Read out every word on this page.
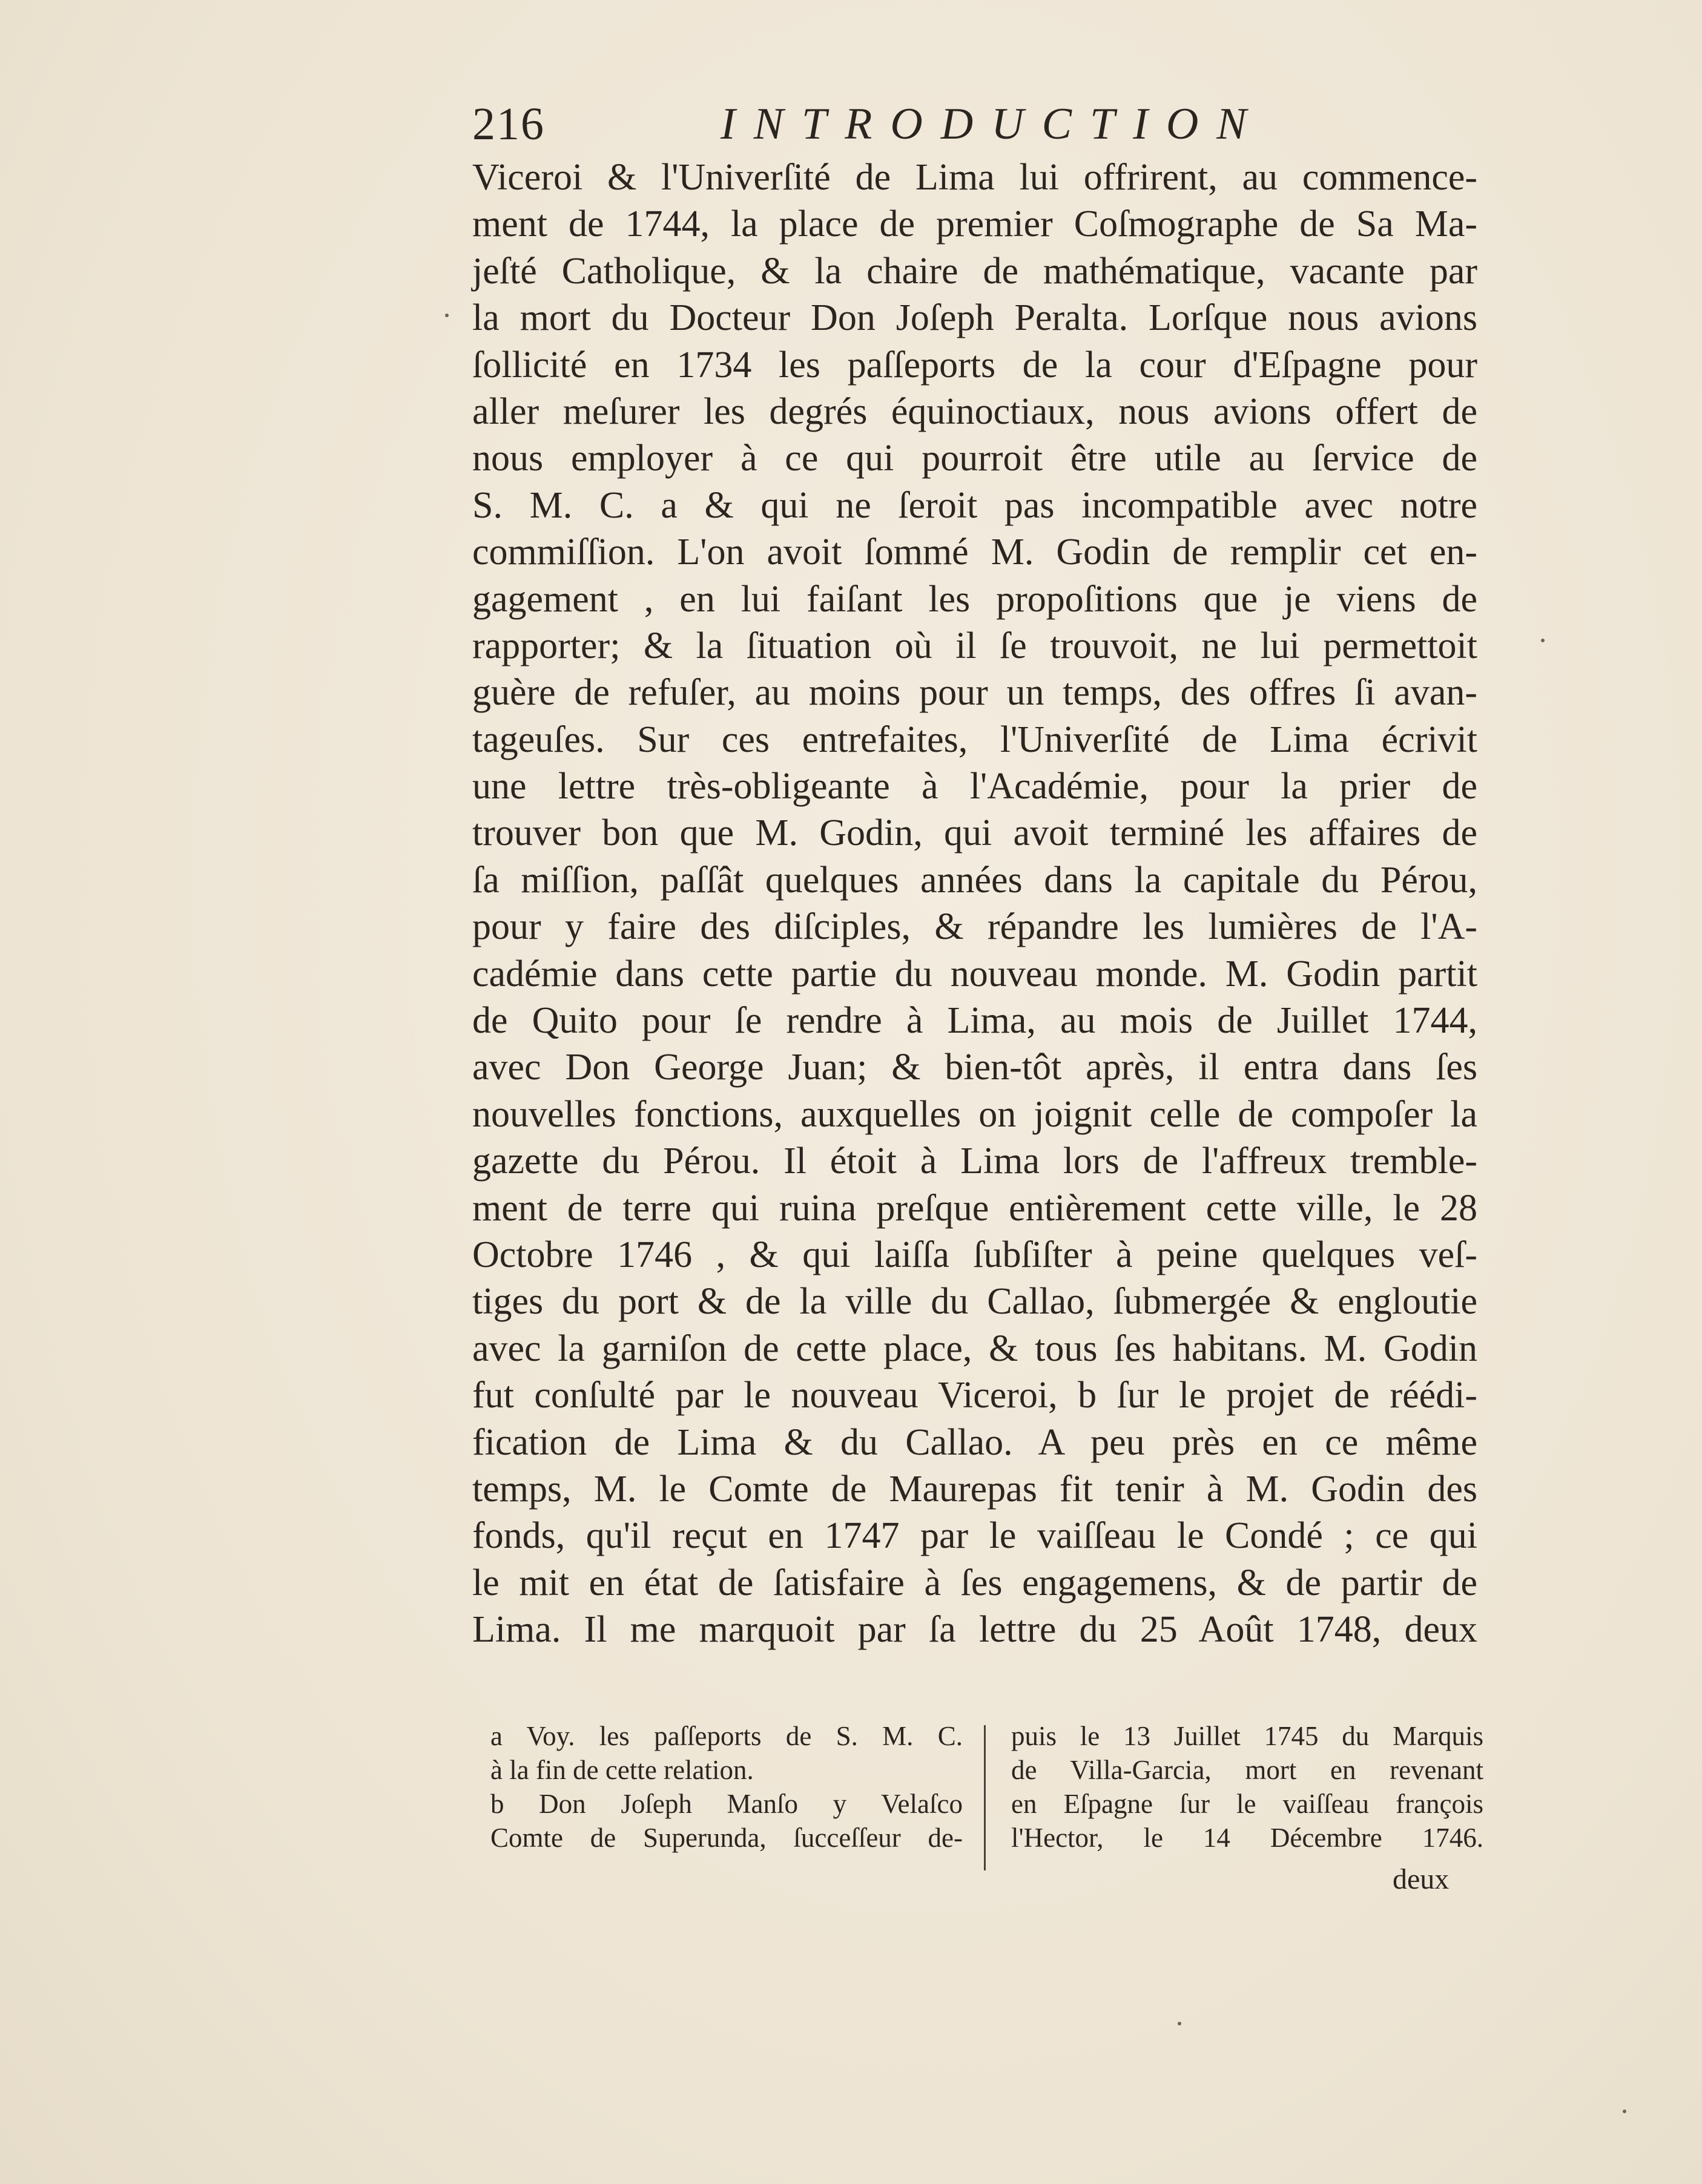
216	INTRODUCTION
Viceroi & l'Univerſité de Lima lui offrirent, au commence-
ment de 1744, la place de premier Coſmographe de Sa Ma-
jeſté Catholique, & la chaire de mathématique, vacante par
la mort du Docteur Don Joſeph Peralta. Lorſque nous avions
ſollicité en 1734 les paſſeports de la cour d'Eſpagne pour
aller meſurer les degrés équinoctiaux, nous avions offert de
nous employer à ce qui pourroit être utile au ſervice de
S. M. C. a & qui ne ſeroit pas incompatible avec notre
commiſſion. L'on avoit ſommé M. Godin de remplir cet en-
gagement , en lui faiſant les propoſitions que je viens de
rapporter; & la ſituation où il ſe trouvoit, ne lui permettoit
guère de refuſer, au moins pour un temps, des offres ſi avan-
tageuſes. Sur ces entrefaites, l'Univerſité de Lima écrivit
une lettre très-obligeante à l'Académie, pour la prier de
trouver bon que M. Godin, qui avoit terminé les affaires de
ſa miſſion, paſſât quelques années dans la capitale du Pérou,
pour y faire des diſciples, & répandre les lumières de l'A-
cadémie dans cette partie du nouveau monde. M. Godin partit
de Quito pour ſe rendre à Lima, au mois de Juillet 1744,
avec Don George Juan; & bien-tôt après, il entra dans ſes
nouvelles fonctions, auxquelles on joignit celle de compoſer la
gazette du Pérou. Il étoit à Lima lors de l'affreux tremble-
ment de terre qui ruina preſque entièrement cette ville, le 28
Octobre 1746 , & qui laiſſa ſubſiſter à peine quelques veſ-
tiges du port & de la ville du Callao, ſubmergée & engloutie
avec la garniſon de cette place, & tous ſes habitans. M. Godin
fut conſulté par le nouveau Viceroi, b ſur le projet de réédi-
fication de Lima & du Callao. A peu près en ce même
temps, M. le Comte de Maurepas fit tenir à M. Godin des
fonds, qu'il reçut en 1747 par le vaiſſeau le Condé ; ce qui
le mit en état de ſatisfaire à ſes engagemens, & de partir de
Lima. Il me marquoit par ſa lettre du 25 Août 1748, deux
a Voy. les paſſeports de S. M. C.
à la fin de cette relation.
b Don Joſeph Manſo y Velaſco
Comte de Superunda, ſucceſſeur de-
puis le 13 Juillet 1745 du Marquis
de Villa-Garcia, mort en revenant
en Eſpagne ſur le vaiſſeau françois
l'Hector, le 14 Décembre 1746.
deux
